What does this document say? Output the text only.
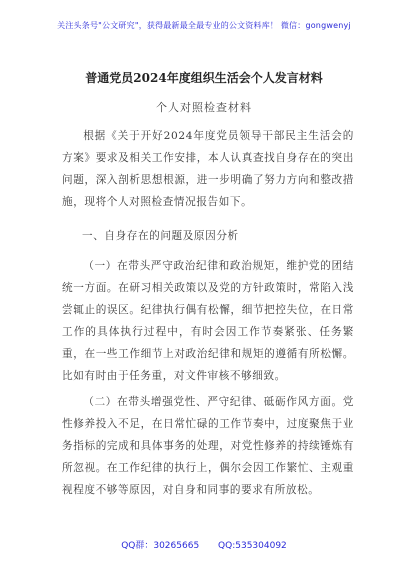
关注头条号"公文研究"，获得最新最全最专业的公文资料库！ 微信：gongwenyj
普通党员2024年度组织生活会个人发言材料
个人对照检查材料

根据《关于开好2024年度党员领导干部民主生活会的方案》要求及相关工作安排，本人认真查找自身存在的突出问题，深入剖析思想根源，进一步明确了努力方向和整改措施，现将个人对照检查情况报告如下。

一、自身存在的问题及原因分析

（一）在带头严守政治纪律和政治规矩，维护党的团结统一方面。在研习相关政策以及党的方针政策时，常陷入浅尝辄止的误区。纪律执行偶有松懈，细节把控失位，在日常工作的具体执行过程中，有时会因工作节奏紧张、任务繁重，在一些工作细节上对政治纪律和规矩的遵循有所松懈。比如有时由于任务重，对文件审核不够细致。

（二）在带头增强党性、严守纪律、砥砺作风方面。党性修养投入不足，在日常忙碌的工作节奏中，过度聚焦于业务指标的完成和具体事务的处理，对党性修养的持续锤炼有所忽视。在工作纪律的执行上，偶尔会因工作繁忙、主观重视程度不够等原因，对自身和同事的要求有所放松。

QQ群：30265665 QQ:535304092
